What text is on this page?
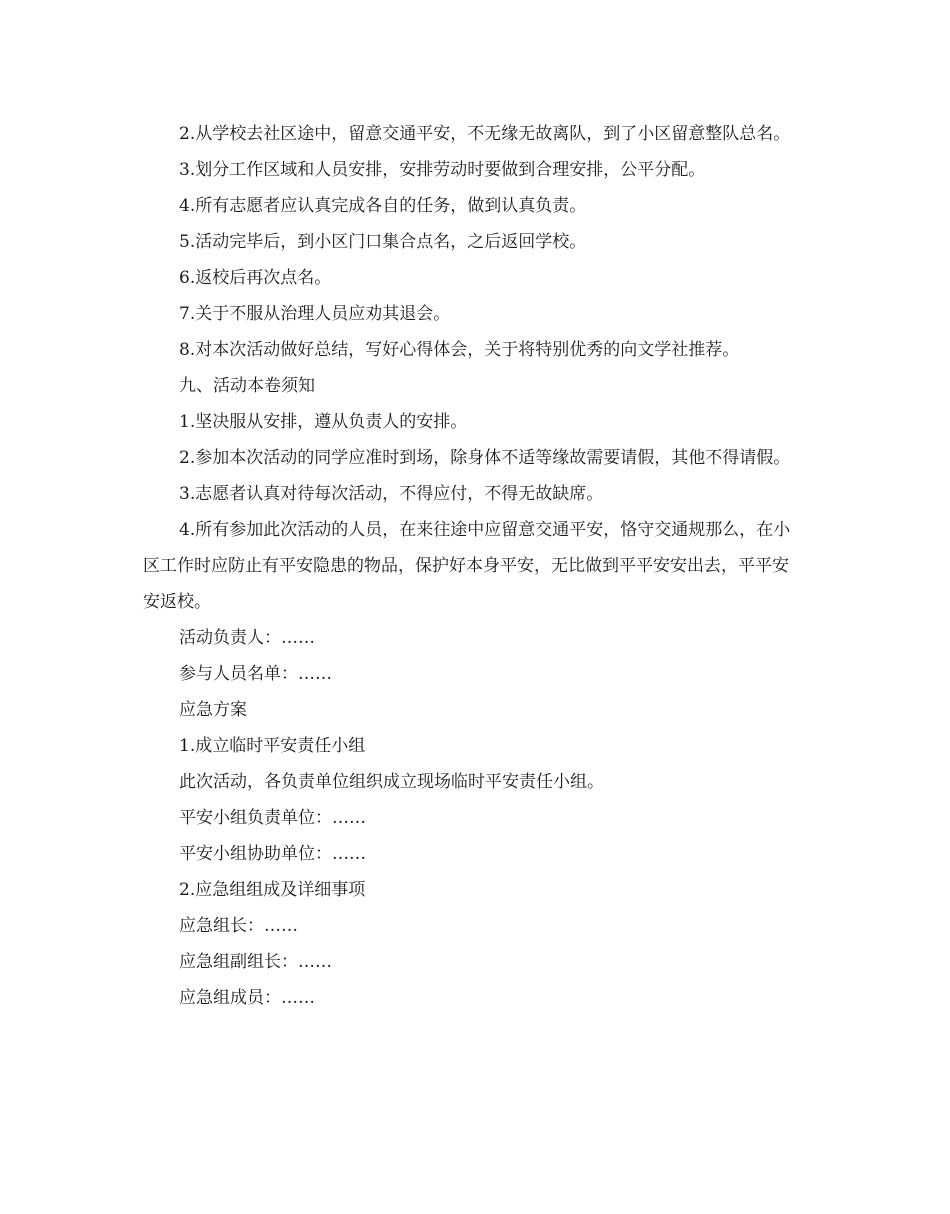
2.从学校去社区途中，留意交通平安，不无缘无故离队，到了小区留意整队总名。

3.划分工作区域和人员安排，安排劳动时要做到合理安排，公平分配。

4.所有志愿者应认真完成各自的任务，做到认真负责。

5.活动完毕后，到小区门口集合点名，之后返回学校。

6.返校后再次点名。

7.关于不服从治理人员应劝其退会。

8.对本次活动做好总结，写好心得体会，关于将特别优秀的向文学社推荐。

九、活动本卷须知

1.坚决服从安排，遵从负责人的安排。

2.参加本次活动的同学应准时到场，除身体不适等缘故需要请假，其他不得请假。

3.志愿者认真对待每次活动，不得应付，不得无故缺席。

4.所有参加此次活动的人员，在来往途中应留意交通平安，恪守交通规那么，在小区工作时应防止有平安隐患的物品，保护好本身平安，无比做到平平安安出去，平平安安返校。

活动负责人：……

参与人员名单：……

应急方案

1.成立临时平安责任小组

此次活动，各负责单位组织成立现场临时平安责任小组。

平安小组负责单位：……

平安小组协助单位：……

2.应急组组成及详细事项

应急组长：……

应急组副组长：……

应急组成员：……
